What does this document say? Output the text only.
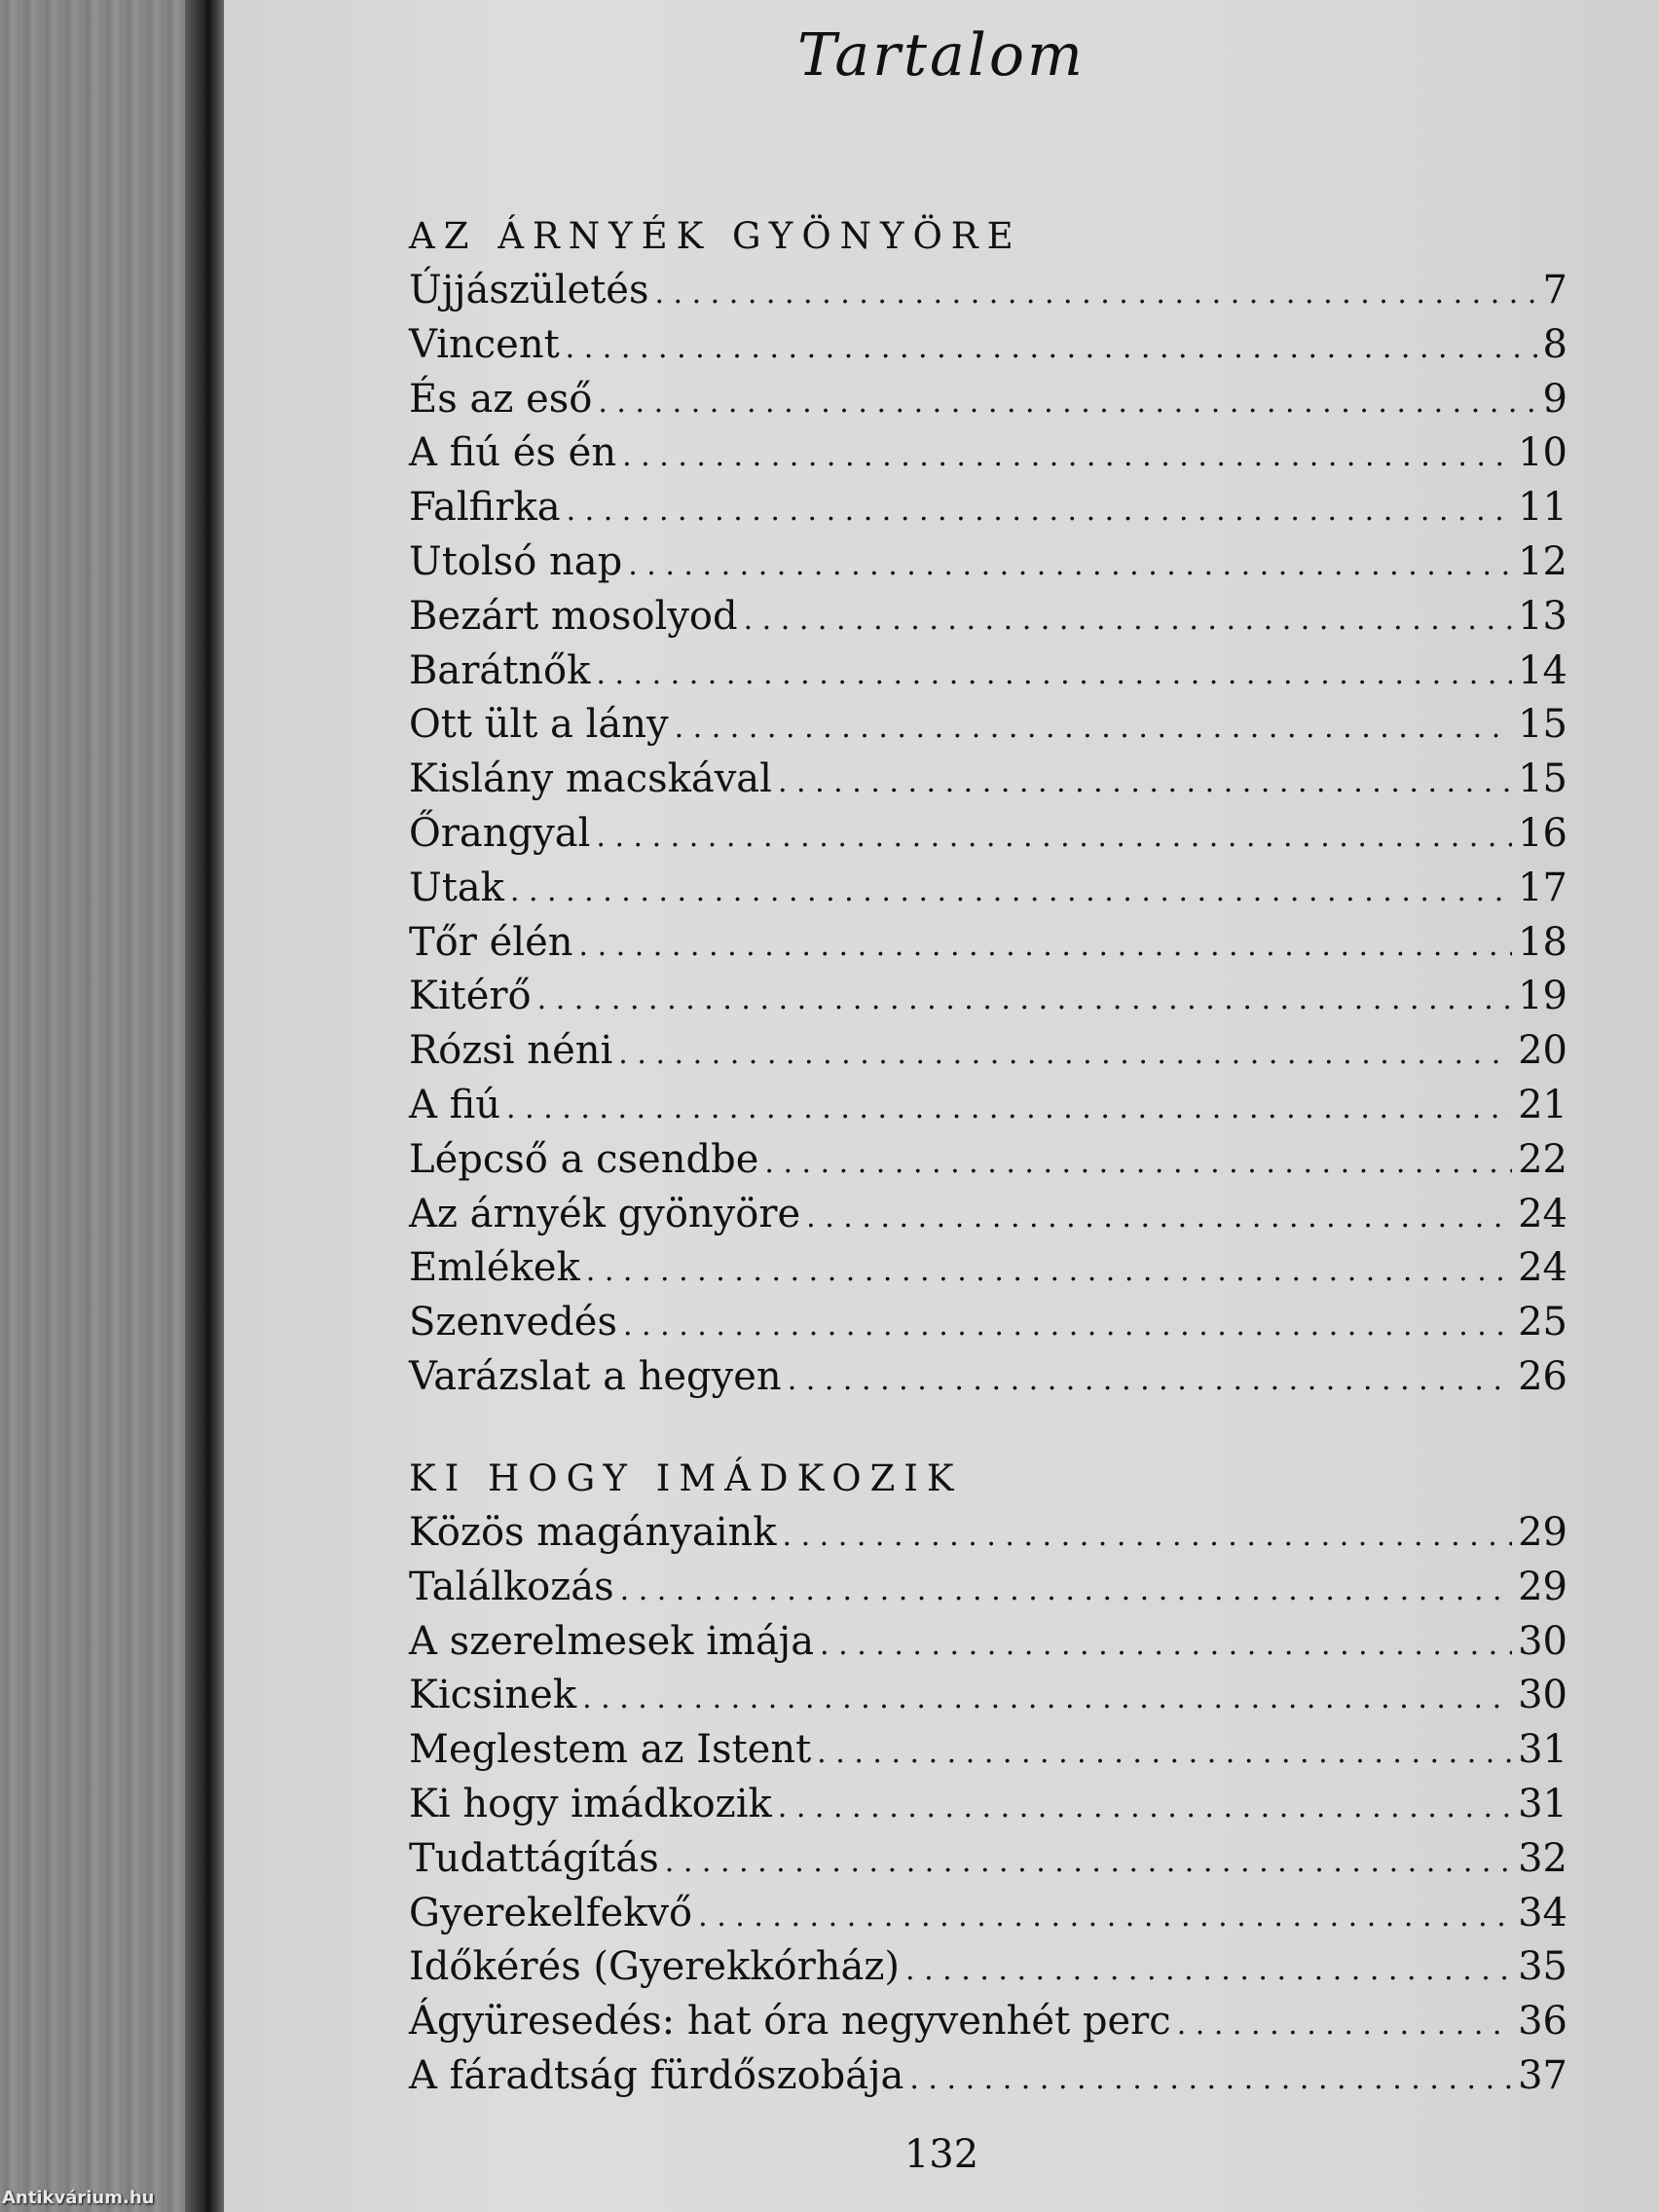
Tartalom
AZ ÁRNYÉK GYÖNYÖRE
Újjászületés . . .	7
Vincent . . .	8
És az eső . . .	9
A fiú és én . . .	10
Falfirka . . .	11
Utolsó nap . . .	12
Bezárt mosolyod . . .	13
Barátnők . . .	14
Ott ült a lány . . .	15
Kislány macskával . . .	15
Őrangyal . . .	16
Utak . . .	17
Tőr élén . . .	18
Kitérő . . .	19
Rózsi néni . . .	20
A fiú . . .	21
Lépcső a csendbe . . .	22
Az árnyék gyönyöre . . .	24
Emlékek . . .	24
Szenvedés . . .	25
Varázslat a hegyen . . .	26
KI HOGY IMÁDKOZIK
Közös magányaink . . .	29
Találkozás . . .	29
A szerelmesek imája . . .	30
Kicsinek . . .	30
Meglestem az Istent . . .	31
Ki hogy imádkozik . . .	31
Tudattágítás . . .	32
Gyerekelfekvő . . .	34
Időkérés (Gyerekkórház) . . .	35
Ágyüresedés: hat óra negyvenhét perc . . .	36
A fáradtság fürdőszobája . . .	37
132
Antikvárium.hu
